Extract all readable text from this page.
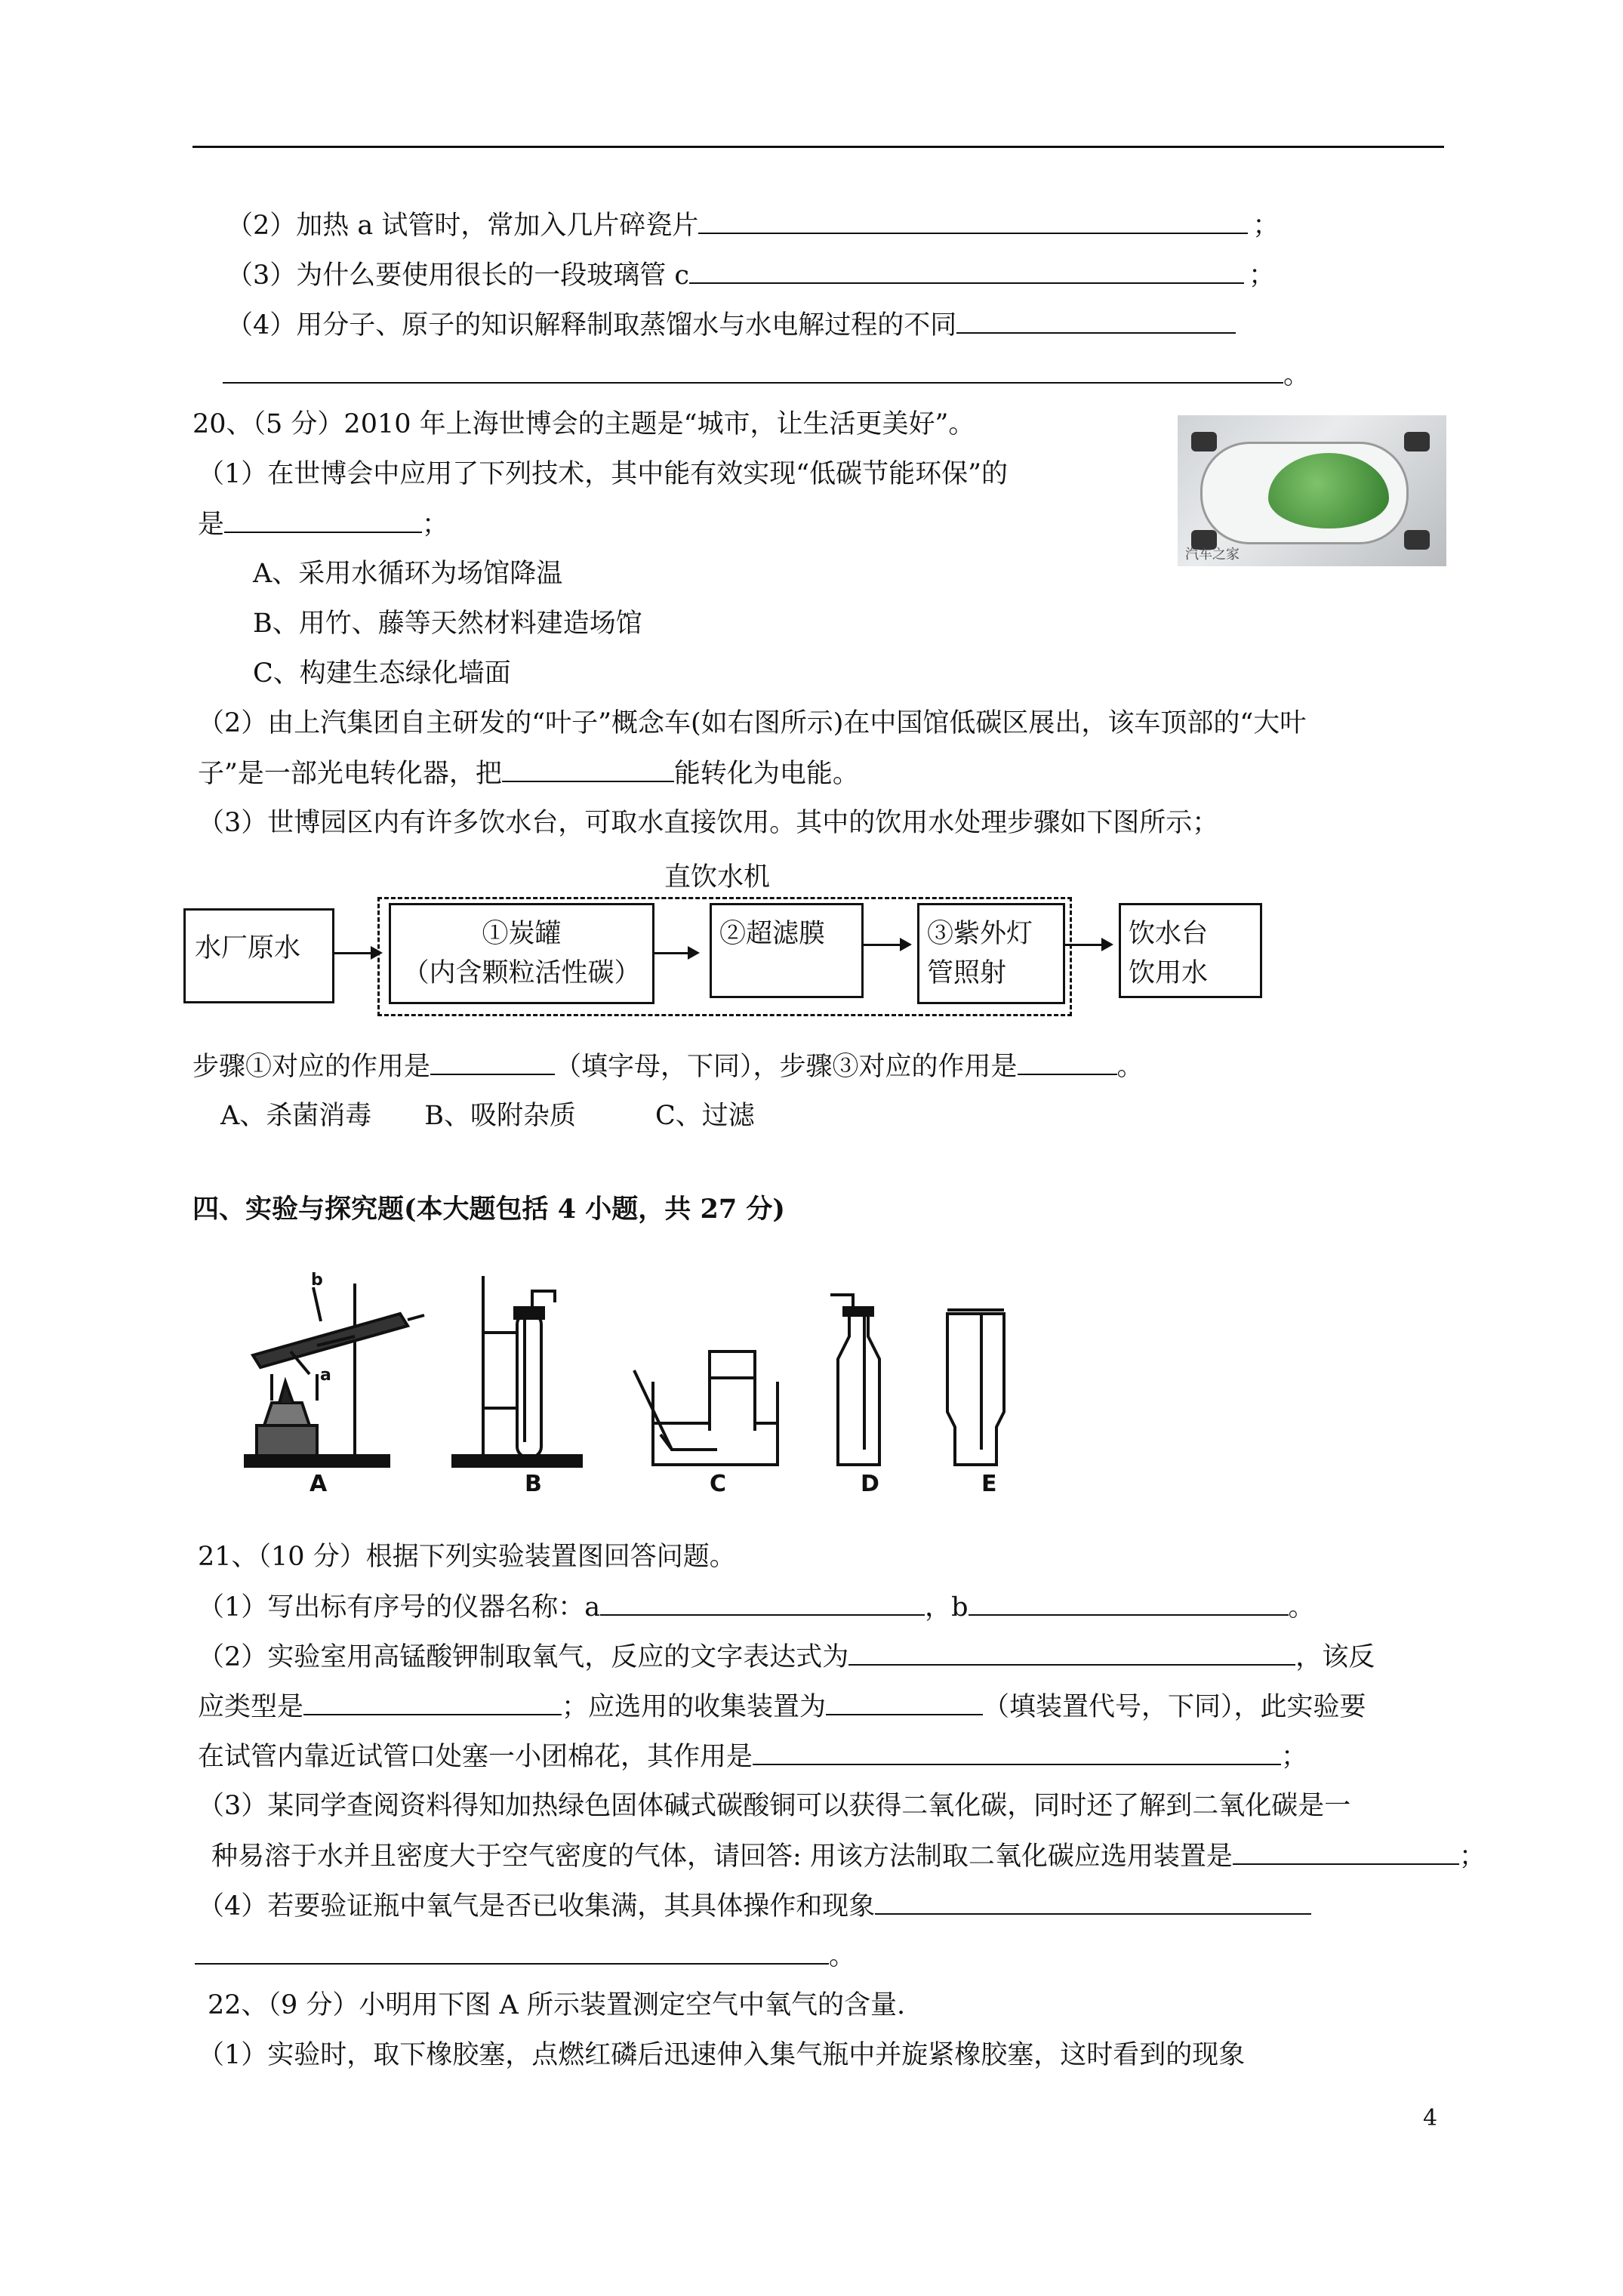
（2）加热 a 试管时，常加入几片碎瓷片	；
（3）为什么要使用很长的一段玻璃管 c	；
（4）用分子、原子的知识解释制取蒸馏水与水电解过程的不同
。
20、（5 分）2010 年上海世博会的主题是“城市，让生活更美好”。
（1）在世博会中应用了下列技术，其中能有效实现“低碳节能环保”的
是	；
A、采用水循环为场馆降温
B、用竹、藤等天然材料建造场馆
C、构建生态绿化墙面
汽车之家
（2）由上汽集团自主研发的“叶子”概念车(如右图所示)在中国馆低碳区展出，该车顶部的“大叶
子”是一部光电转化器，把	能转化为电能。
（3）世博园区内有许多饮水台，可取水直接饮用。其中的饮用水处理步骤如下图所示；
直饮水机
水厂原水	①炭罐
（内含颗粒活性碳）
②超滤膜	③紫外灯
管照射
饮水台
饮用水
步骤①对应的作用是	（填字母，下同），步骤③对应的作用是	。
A、杀菌消毒　　B、吸附杂质　　　C、过滤
四、实验与探究题(本大题包括 4 小题，共 27 分)
A	B	C	D	E
b
a
21、（10 分）根据下列实验装置图回答问题。
（1）写出标有序号的仪器名称：a	，b	。
（2）实验室用高锰酸钾制取氧气，反应的文字表达式为	，该反
应类型是	；应选用的收集装置为	（填装置代号，下同），此实验要
在试管内靠近试管口处塞一小团棉花，其作用是	；
（3）某同学查阅资料得知加热绿色固体碱式碳酸铜可以获得二氧化碳，同时还了解到二氧化碳是一
种易溶于水并且密度大于空气密度的气体，请回答: 用该方法制取二氧化碳应选用装置是	；
（4）若要验证瓶中氧气是否已收集满，其具体操作和现象
。
22、（9 分）小明用下图 A 所示装置测定空气中氧气的含量.
（1）实验时，取下橡胶塞，点燃红磷后迅速伸入集气瓶中并旋紧橡胶塞，这时看到的现象
4
